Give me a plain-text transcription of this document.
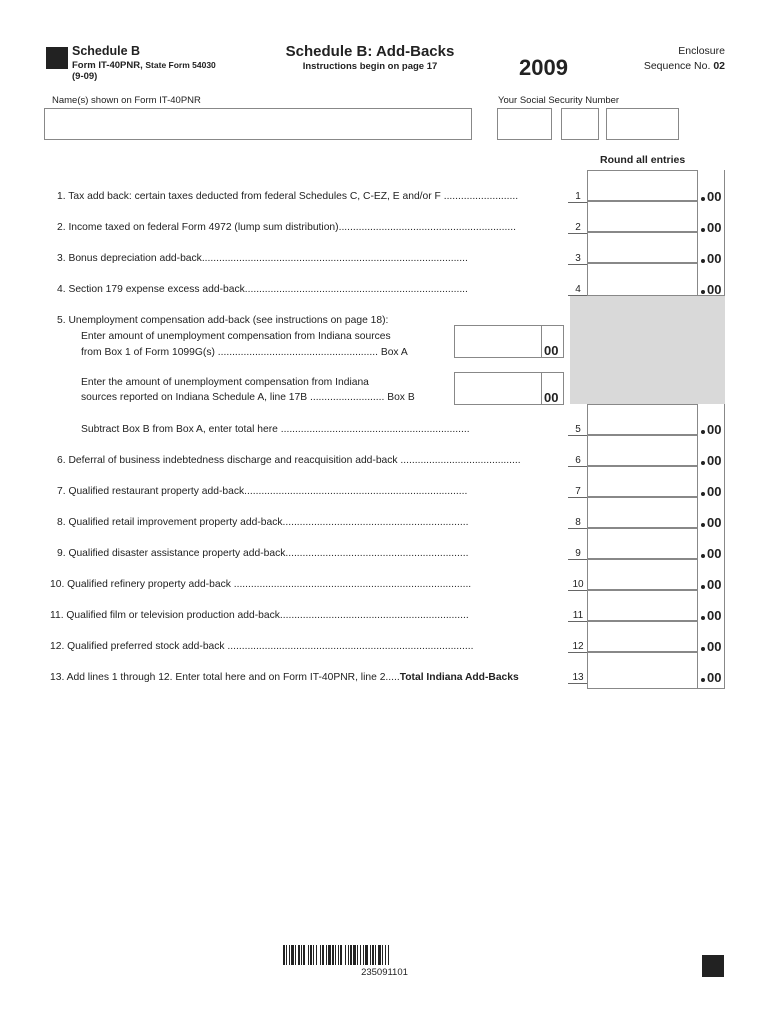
Schedule B
Form IT-40PNR, State Form 54030
(9-09)
Schedule B: Add-Backs
Instructions begin on page 17	2009
Enclosure
Sequence No. 02
Name(s) shown on Form IT-40PNR	Your Social Security Number
Round all entries
1. Tax add back: certain taxes deducted from federal Schedules C, C-EZ, E and/or F ..........................	1	00
2. Income taxed on federal Form 4972 (lump sum distribution)..............................................................	2	00
3. Bonus depreciation add-back.............................................................................................	3	00
4. Section 179 expense excess add-back..............................................................................	4	00
5. Unemployment compensation add-back (see instructions on page 18):
Enter amount of unemployment compensation from Indiana sources
from Box 1 of Form 1099G(s) ........................................................ Box A	00
Enter the amount of unemployment compensation from Indiana
sources reported on Indiana Schedule A, line 17B .......................... Box B	00
Subtract Box B from Box A, enter total here ..................................................................	5	00
6. Deferral of business indebtedness discharge and reacquisition add-back ..........................................	6	00
7. Qualified restaurant property add-back..............................................................................	7	00
8. Qualified retail improvement property add-back.................................................................	8	00
9. Qualified disaster assistance property add-back................................................................	9	00
10. Qualified refinery property add-back ...................................................................................	10	00
11. Qualified film or television production add-back..................................................................	11	00
12. Qualified preferred stock add-back ......................................................................................	12	00
13. Add lines 1 through 12. Enter total here and on Form IT-40PNR, line 2.....Total Indiana Add-Backs	13	00
235091101
